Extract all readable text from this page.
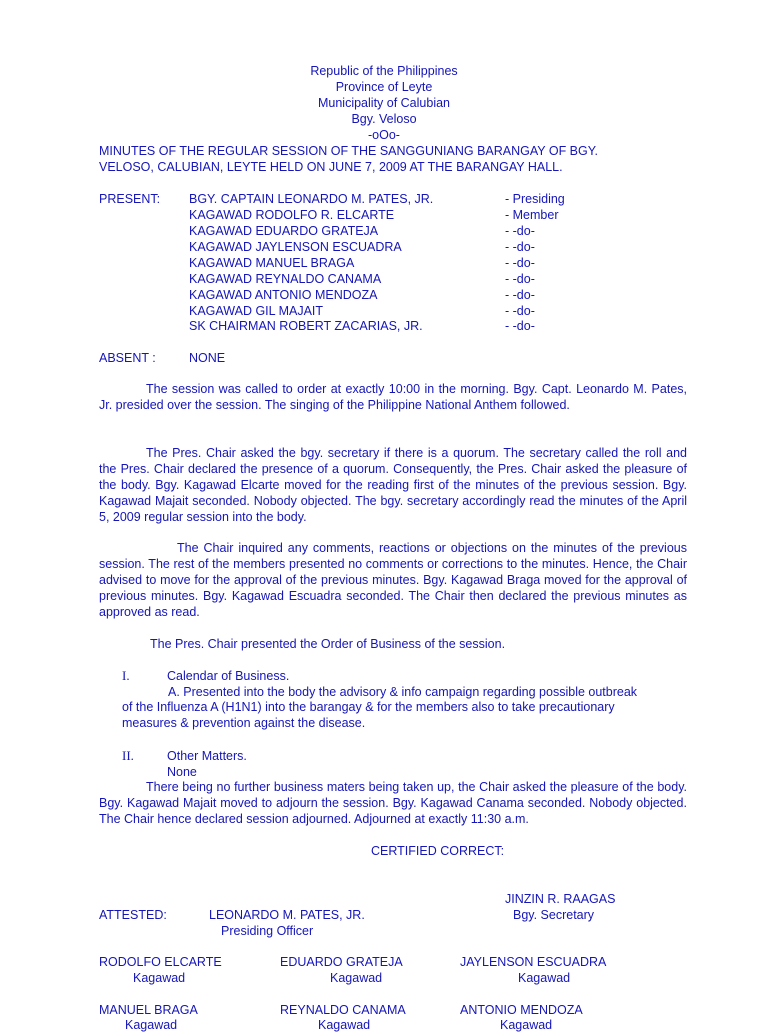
Republic of the Philippines
Province of Leyte
Municipality of Calubian
Bgy. Veloso
-oOo-
MINUTES OF THE REGULAR SESSION OF THE SANGGUNIANG BARANGAY OF BGY.
VELOSO, CALUBIAN, LEYTE HELD ON JUNE 7, 2009 AT THE BARANGAY HALL.
PRESENT: BGY. CAPTAIN LEONARDO M. PATES, JR.	- Presiding
KAGAWAD RODOLFO R. ELCARTE	- Member
KAGAWAD EDUARDO GRATEJA	- -do-
KAGAWAD JAYLENSON ESCUADRA	- -do-
KAGAWAD MANUEL BRAGA	- -do-
KAGAWAD REYNALDO CANAMA	- -do-
KAGAWAD ANTONIO MENDOZA	- -do-
KAGAWAD GIL MAJAIT	- -do-
SK CHAIRMAN ROBERT ZACARIAS, JR.	- -do-
ABSENT :	NONE
The session was called to order at exactly 10:00 in the morning. Bgy. Capt. Leonardo M. Pates, Jr. presided over the session. The singing of the Philippine National Anthem followed.
The Pres. Chair asked the bgy. secretary if there is a quorum. The secretary called the roll and the Pres. Chair declared the presence of a quorum. Consequently, the Pres. Chair asked the pleasure of the body. Bgy. Kagawad Elcarte moved for the reading first of the minutes of the previous session. Bgy. Kagawad Majait seconded. Nobody objected. The bgy. secretary accordingly read the minutes of the April 5, 2009 regular session into the body.
The Chair inquired any comments, reactions or objections on the minutes of the previous session. The rest of the members presented no comments or corrections to the minutes. Hence, the Chair advised to move for the approval of the previous minutes. Bgy. Kagawad Braga moved for the approval of previous minutes. Bgy. Kagawad Escuadra seconded. The Chair then declared the previous minutes as approved as read.
The Pres. Chair presented the Order of Business of the session.
I.	Calendar of Business.
A. Presented into the body the advisory & info campaign regarding possible outbreak
of the Influenza A (H1N1) into the barangay & for the members also to take precautionary
measures & prevention against the disease.
II.	Other Matters.
None
There being no further business maters being taken up, the Chair asked the pleasure of the body. Bgy. Kagawad Majait moved to adjourn the session. Bgy. Kagawad Canama seconded. Nobody objected. The Chair hence declared session adjourned. Adjourned at exactly 11:30 a.m.
CERTIFIED CORRECT:
JINZIN R. RAAGAS
ATTESTED:	LEONARDO M. PATES, JR.	Bgy. Secretary
Presiding Officer
RODOLFO ELCARTE	EDUARDO GRATEJA	JAYLENSON ESCUADRA
Kagawad	Kagawad	Kagawad
MANUEL BRAGA	REYNALDO CANAMA	ANTONIO MENDOZA
Kagawad	Kagawad	Kagawad
